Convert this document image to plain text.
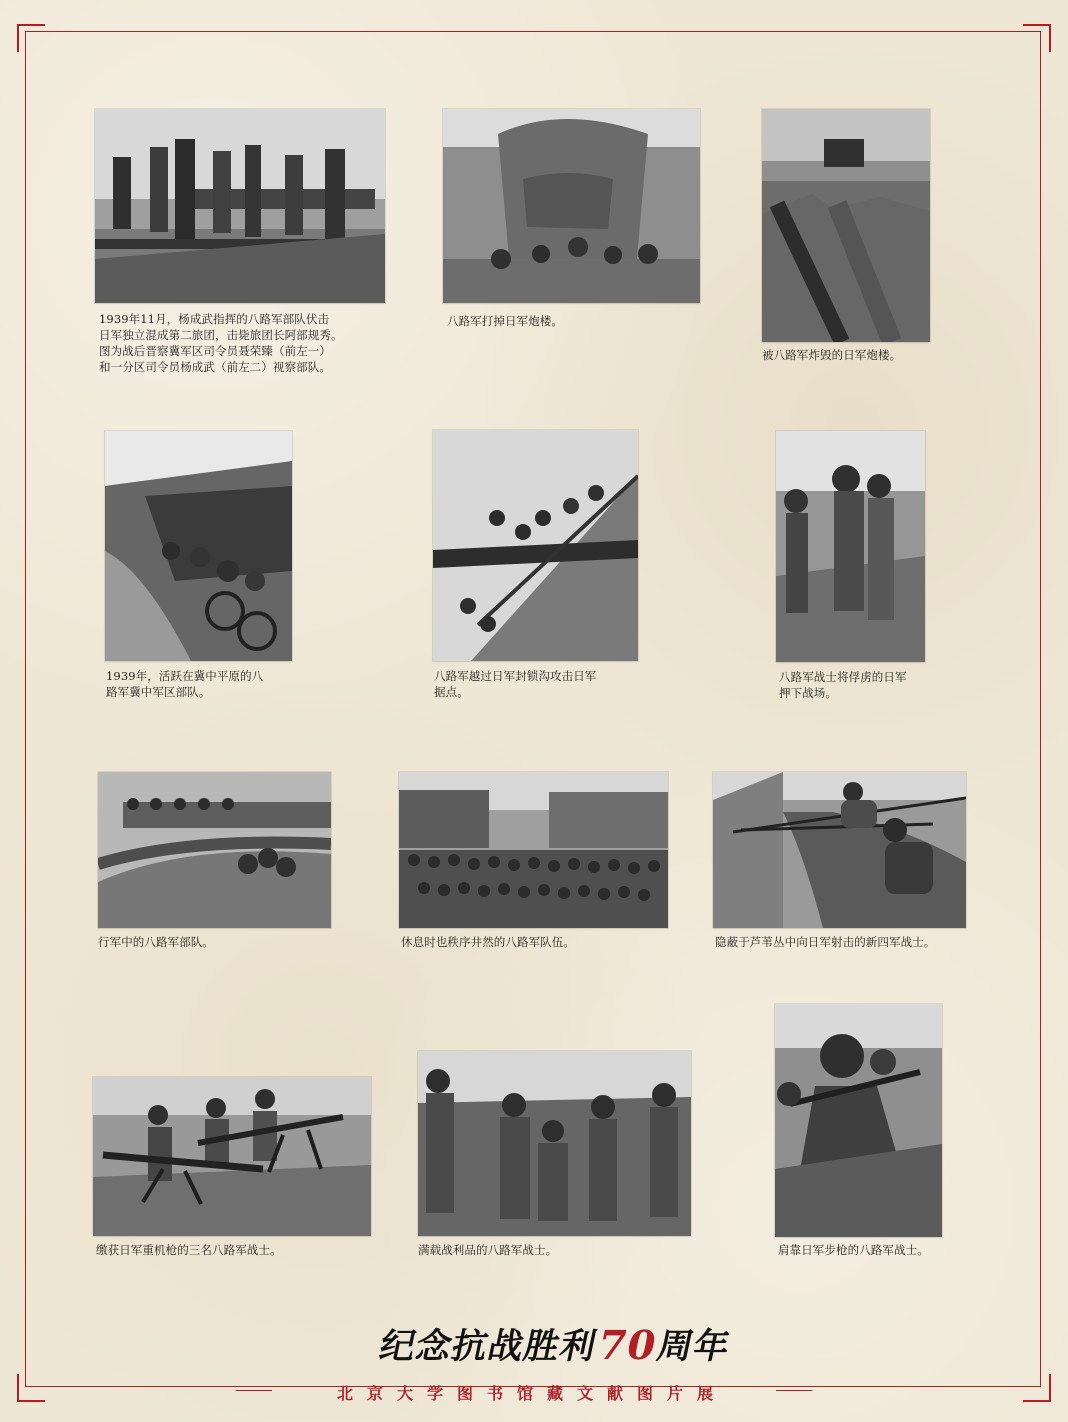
1939年11月，杨成武指挥的八路军部队伏击
日军独立混成第二旅团，击毙旅团长阿部规秀。
图为战后晋察冀军区司令员聂荣臻（前左一）
和一分区司令员杨成武（前左二）视察部队。
八路军打掉日军炮楼。
被八路军炸毁的日军炮楼。
1939年，活跃在冀中平原的八
路军冀中军区部队。
八路军越过日军封锁沟攻击日军
据点。
八路军战士将俘虏的日军
押下战场。
行军中的八路军部队。	休息时也秩序井然的八路军队伍。	隐蔽于芦苇丛中向日军射击的新四军战士。
缴获日军重机枪的三名八路军战士。	满载战利品的八路军战士。	肩靠日军步枪的八路军战士。
纪念抗战胜利70周年
北京大学图书馆藏文献图片展
